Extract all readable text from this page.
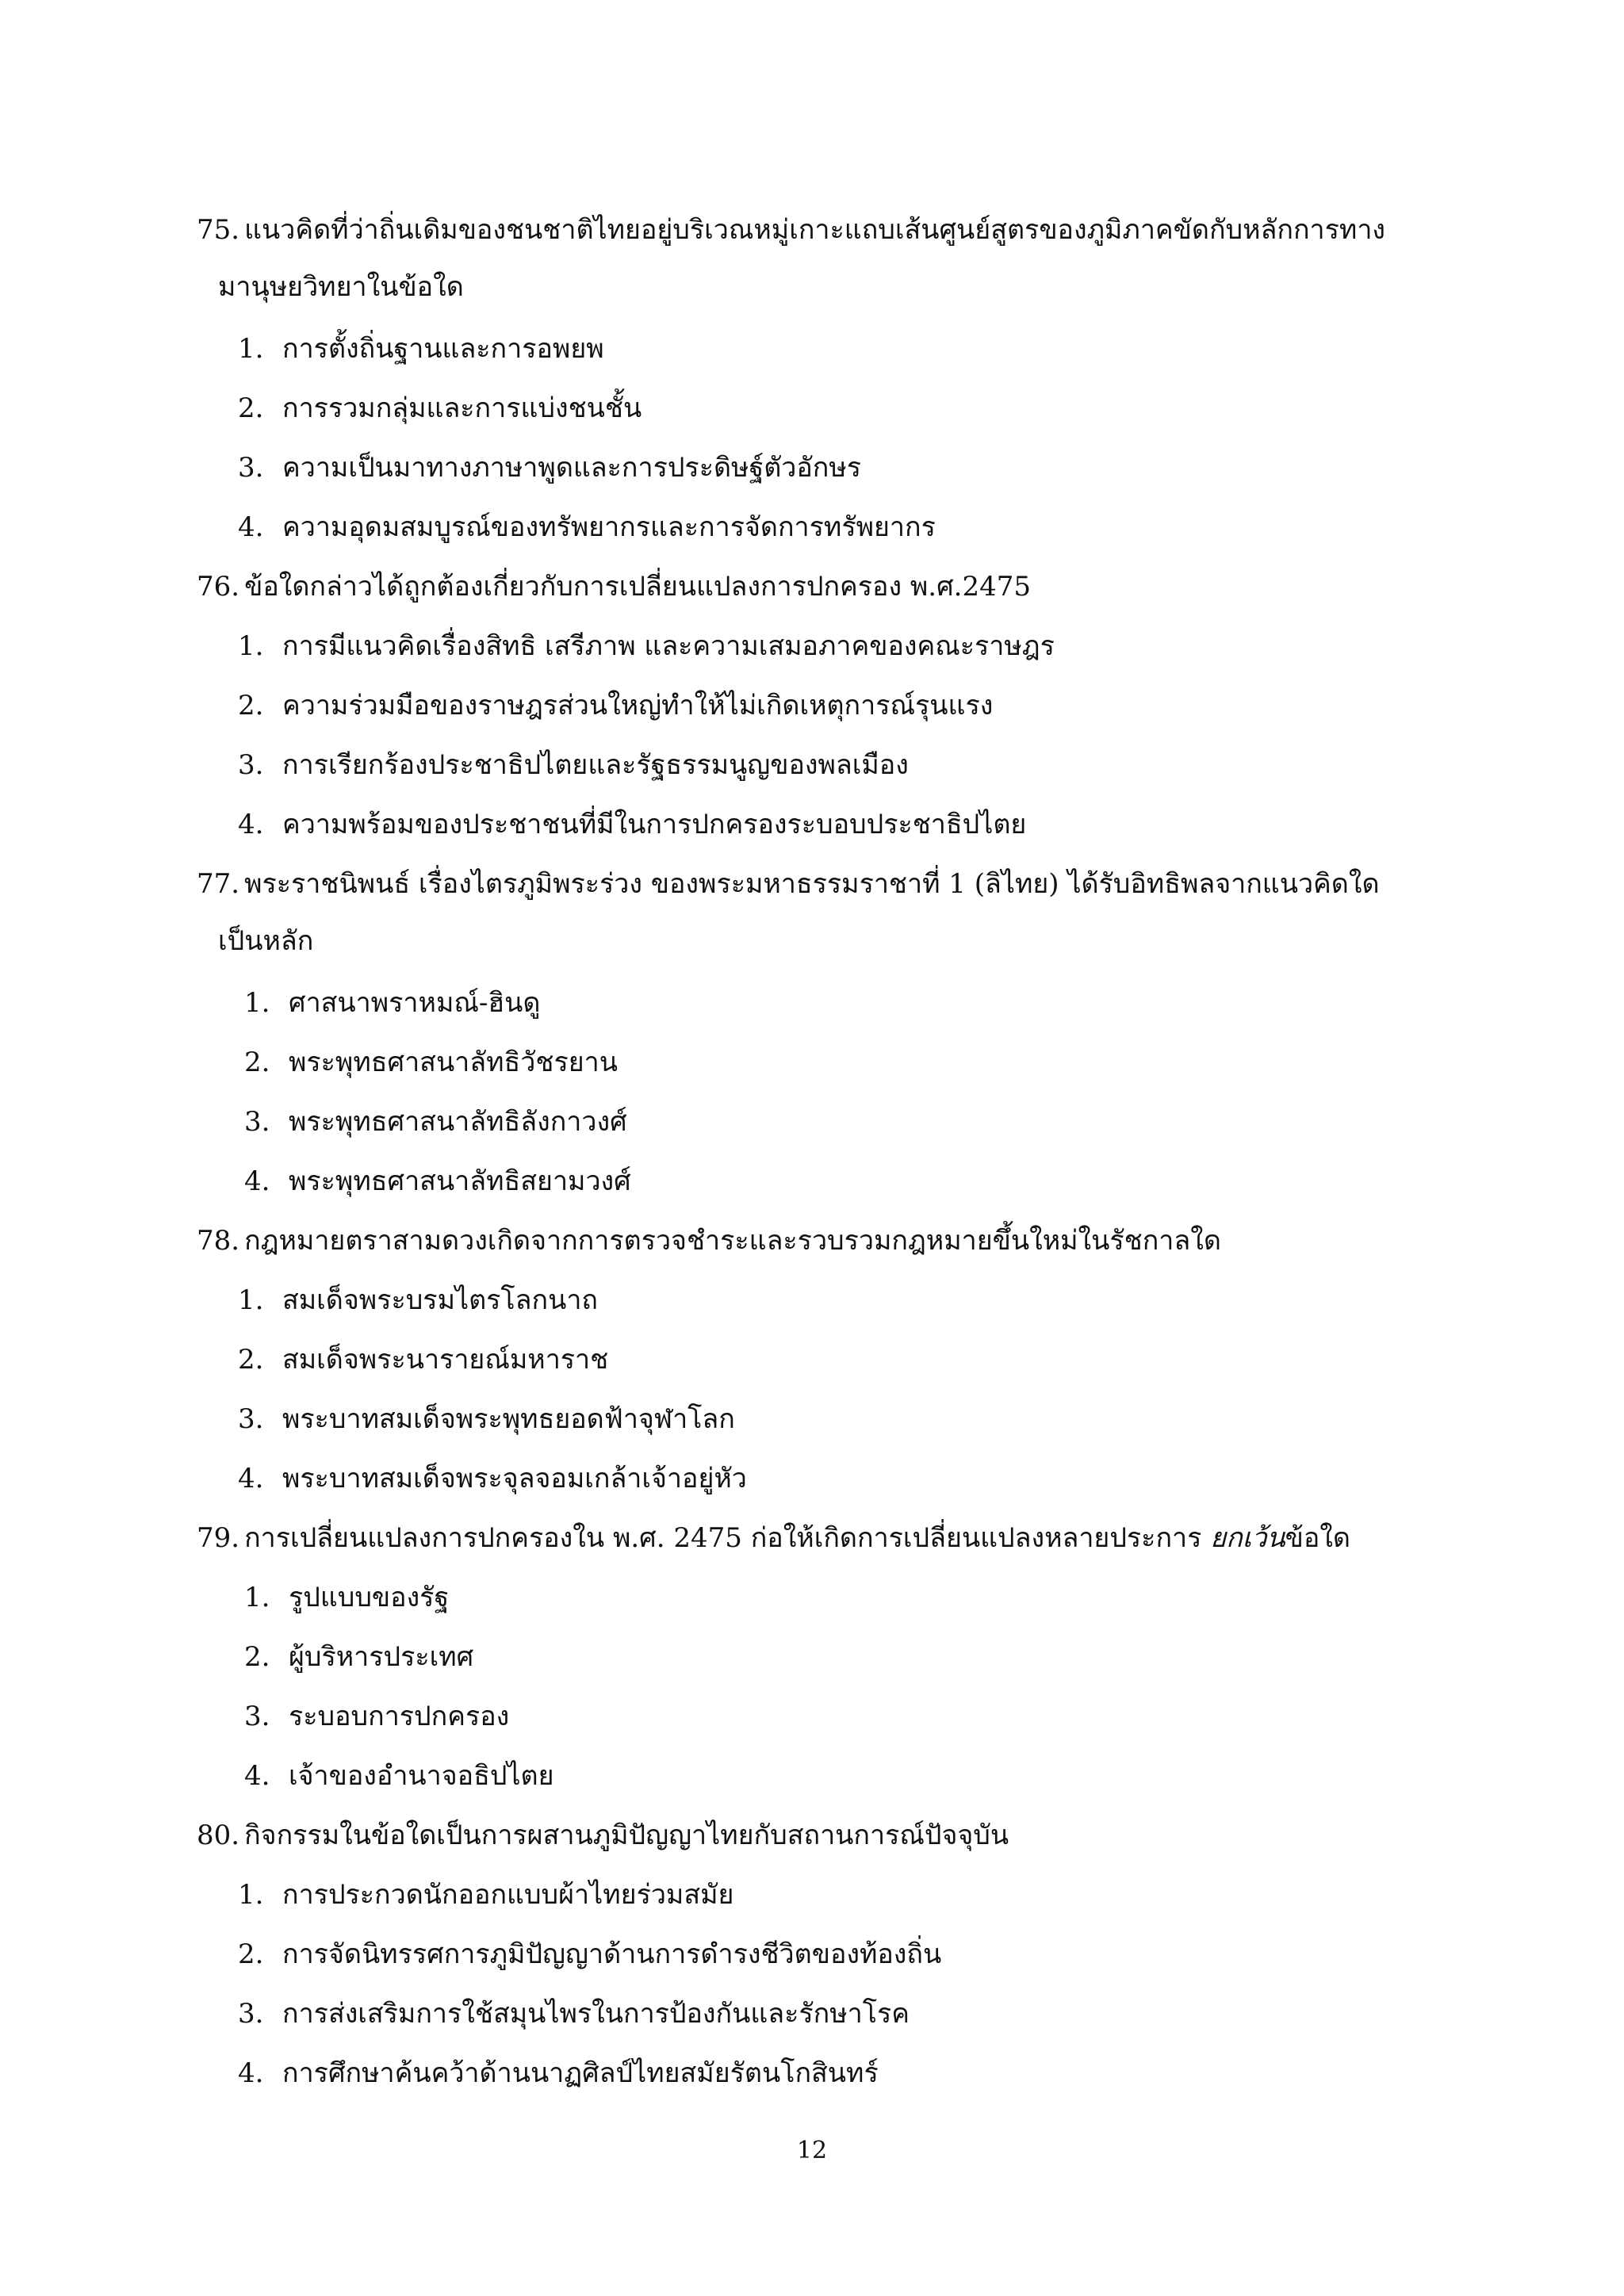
75. แนวคิดที่ว่าถิ่นเดิมของชนชาติไทยอยู่บริเวณหมู่เกาะแถบเส้นศูนย์สูตรของภูมิภาคขัดกับหลักการทาง
มานุษยวิทยาในข้อใด
1. การตั้งถิ่นฐานและการอพยพ
2. การรวมกลุ่มและการแบ่งชนชั้น
3. ความเป็นมาทางภาษาพูดและการประดิษฐ์ตัวอักษร
4. ความอุดมสมบูรณ์ของทรัพยากรและการจัดการทรัพยากร
76. ข้อใดกล่าวได้ถูกต้องเกี่ยวกับการเปลี่ยนแปลงการปกครอง พ.ศ.2475
1. การมีแนวคิดเรื่องสิทธิ เสรีภาพ และความเสมอภาคของคณะราษฎร
2. ความร่วมมือของราษฎรส่วนใหญ่ทำให้ไม่เกิดเหตุการณ์รุนแรง
3. การเรียกร้องประชาธิปไตยและรัฐธรรมนูญของพลเมือง
4. ความพร้อมของประชาชนที่มีในการปกครองระบอบประชาธิปไตย
77. พระราชนิพนธ์ เรื่องไตรภูมิพระร่วง ของพระมหาธรรมราชาที่ 1 (ลิไทย) ได้รับอิทธิพลจากแนวคิดใด
เป็นหลัก
1. ศาสนาพราหมณ์-ฮินดู
2. พระพุทธศาสนาลัทธิวัชรยาน
3. พระพุทธศาสนาลัทธิลังกาวงศ์
4. พระพุทธศาสนาลัทธิสยามวงศ์
78. กฎหมายตราสามดวงเกิดจากการตรวจชำระและรวบรวมกฎหมายขึ้นใหม่ในรัชกาลใด
1. สมเด็จพระบรมไตรโลกนาถ
2. สมเด็จพระนารายณ์มหาราช
3. พระบาทสมเด็จพระพุทธยอดฟ้าจุฬาโลก
4. พระบาทสมเด็จพระจุลจอมเกล้าเจ้าอยู่หัว
79. การเปลี่ยนแปลงการปกครองใน พ.ศ. 2475 ก่อให้เกิดการเปลี่ยนแปลงหลายประการ ยกเว้นข้อใด
1. รูปแบบของรัฐ
2. ผู้บริหารประเทศ
3. ระบอบการปกครอง
4. เจ้าของอำนาจอธิปไตย
80. กิจกรรมในข้อใดเป็นการผสานภูมิปัญญาไทยกับสถานการณ์ปัจจุบัน
1. การประกวดนักออกแบบผ้าไทยร่วมสมัย
2. การจัดนิทรรศการภูมิปัญญาด้านการดำรงชีวิตของท้องถิ่น
3. การส่งเสริมการใช้สมุนไพรในการป้องกันและรักษาโรค
4. การศึกษาค้นคว้าด้านนาฏศิลป์ไทยสมัยรัตนโกสินทร์
12
